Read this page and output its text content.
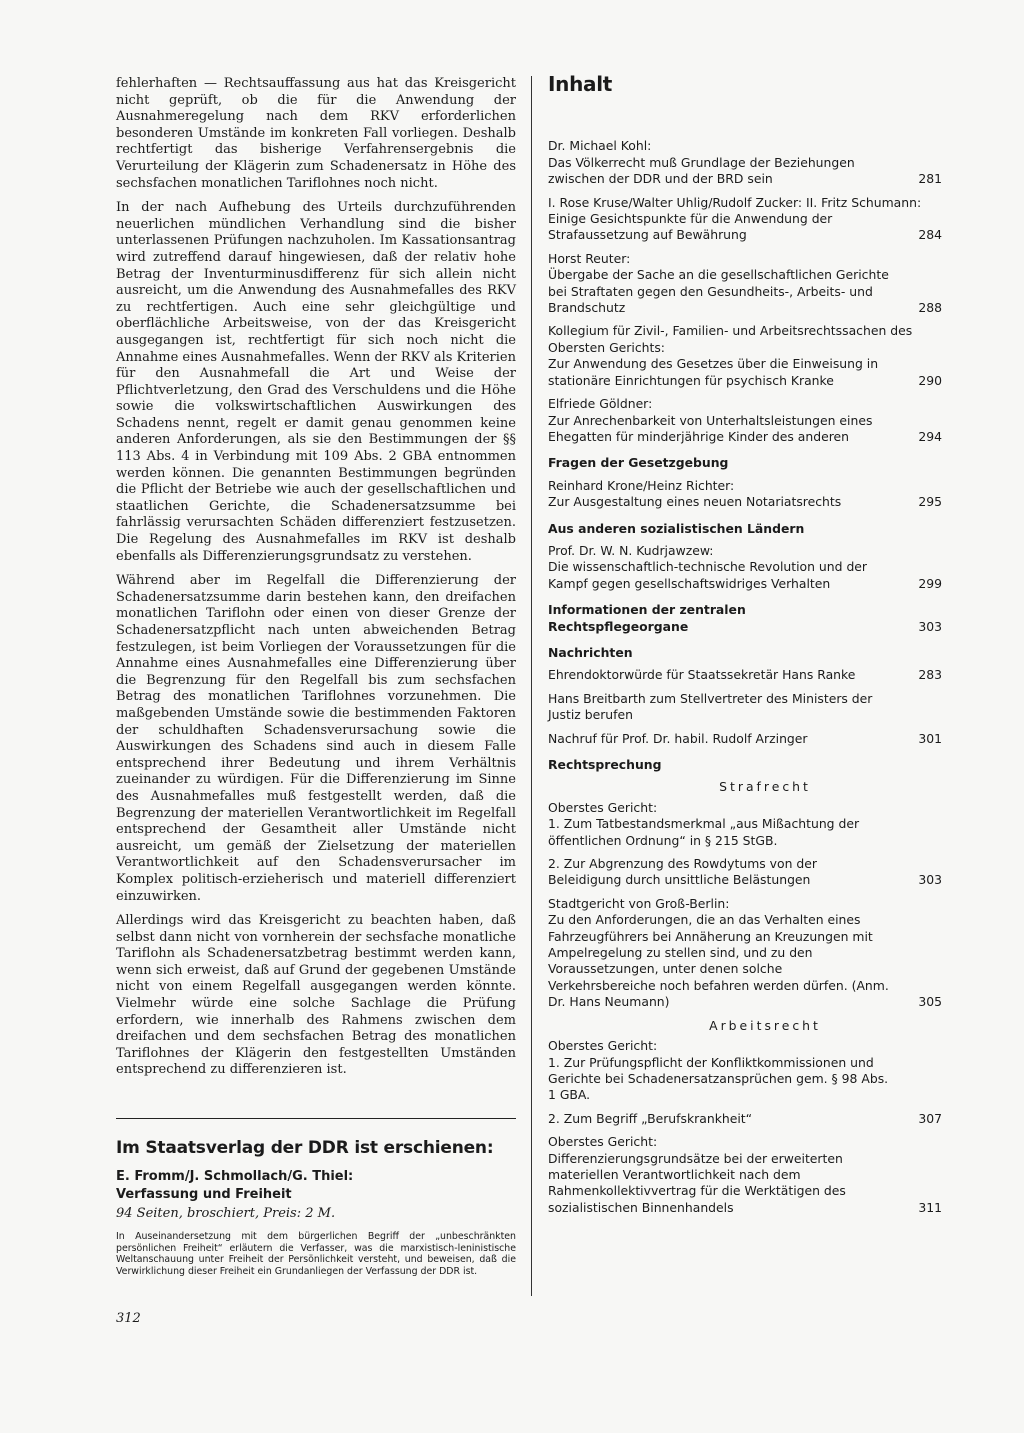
fehlerhaften — Rechtsauffassung aus hat das Kreisgericht nicht geprüft, ob die für die Anwendung der Ausnahmeregelung nach dem RKV erforderlichen besonderen Umstände im konkreten Fall vorliegen. Deshalb rechtfertigt das bisherige Verfahrensergebnis die Verurteilung der Klägerin zum Schadenersatz in Höhe des sechsfachen monatlichen Tariflohnes noch nicht.

In der nach Aufhebung des Urteils durchzuführenden neuerlichen mündlichen Verhandlung sind die bisher unterlassenen Prüfungen nachzuholen. Im Kassationsantrag wird zutreffend darauf hingewiesen, daß der relativ hohe Betrag der Inventurminusdifferenz für sich allein nicht ausreicht, um die Anwendung des Ausnahmefalles des RKV zu rechtfertigen. Auch eine sehr gleichgültige und oberflächliche Arbeitsweise, von der das Kreisgericht ausgegangen ist, rechtfertigt für sich noch nicht die Annahme eines Ausnahmefalles. Wenn der RKV als Kriterien für den Ausnahmefall die Art und Weise der Pflichtverletzung, den Grad des Verschuldens und die Höhe sowie die volkswirtschaftlichen Auswirkungen des Schadens nennt, regelt er damit genau genommen keine anderen Anforderungen, als sie den Bestimmungen der §§ 113 Abs. 4 in Verbindung mit 109 Abs. 2 GBA entnommen werden können. Die genannten Bestimmungen begründen die Pflicht der Betriebe wie auch der gesellschaftlichen und staatlichen Gerichte, die Schadenersatzsumme bei fahrlässig verursachten Schäden differenziert festzusetzen. Die Regelung des Ausnahmefalles im RKV ist deshalb ebenfalls als Differenzierungsgrundsatz zu verstehen.

Während aber im Regelfall die Differenzierung der Schadenersatzsumme darin bestehen kann, den dreifachen monatlichen Tariflohn oder einen von dieser Grenze der Schadenersatzpflicht nach unten abweichenden Betrag festzulegen, ist beim Vorliegen der Voraussetzungen für die Annahme eines Ausnahmefalles eine Differenzierung über die Begrenzung für den Regelfall bis zum sechsfachen Betrag des monatlichen Tariflohnes vorzunehmen. Die maßgebenden Umstände sowie die bestimmenden Faktoren der schuldhaften Schadensverursachung sowie die Auswirkungen des Schadens sind auch in diesem Falle entsprechend ihrer Bedeutung und ihrem Verhältnis zueinander zu würdigen. Für die Differenzierung im Sinne des Ausnahmefalles muß festgestellt werden, daß die Begrenzung der materiellen Verantwortlichkeit im Regelfall entsprechend der Gesamtheit aller Umstände nicht ausreicht, um gemäß der Zielsetzung der materiellen Verantwortlichkeit auf den Schadensverursacher im Komplex politisch-erzieherisch und materiell differenziert einzuwirken.

Allerdings wird das Kreisgericht zu beachten haben, daß selbst dann nicht von vornherein der sechsfache monatliche Tariflohn als Schadenersatzbetrag bestimmt werden kann, wenn sich erweist, daß auf Grund der gegebenen Umstände nicht von einem Regelfall ausgegangen werden könnte. Vielmehr würde eine solche Sachlage die Prüfung erfordern, wie innerhalb des Rahmens zwischen dem dreifachen und dem sechsfachen Betrag des monatlichen Tariflohnes der Klägerin den festgestellten Umständen entsprechend zu differenzieren ist.

Im Staatsverlag der DDR ist erschienen:
E. Fromm/J. Schmollach/G. Thiel:
Verfassung und Freiheit
94 Seiten, broschiert, Preis: 2 M.

In Auseinandersetzung mit dem bürgerlichen Begriff der „unbeschränkten persönlichen Freiheit“ erläutern die Verfasser, was die marxistisch-leninistische Weltanschauung unter Freiheit der Persönlichkeit versteht, und beweisen, daß die Verwirklichung dieser Freiheit ein Grundanliegen der Verfassung der DDR ist.

312
Inhalt
Dr. Michael Kohl:
Das Völkerrecht muß Grundlage der Beziehungen zwischen der DDR und der BRD sein	281
I. Rose Kruse/Walter Uhlig/Rudolf Zucker: II. Fritz Schumann:
Einige Gesichtspunkte für die Anwendung der Strafaussetzung auf Bewährung	284
Horst Reuter:
Übergabe der Sache an die gesellschaftlichen Gerichte bei Straftaten gegen den Gesundheits-, Arbeits- und Brandschutz	288
Kollegium für Zivil-, Familien- und Arbeitsrechtssachen des Obersten Gerichts:
Zur Anwendung des Gesetzes über die Einweisung in stationäre Einrichtungen für psychisch Kranke	290
Elfriede Göldner:
Zur Anrechenbarkeit von Unterhaltsleistungen eines Ehegatten für minderjährige Kinder des anderen	294
Fragen der Gesetzgebung
Reinhard Krone/Heinz Richter:
Zur Ausgestaltung eines neuen Notariatsrechts	295
Aus anderen sozialistischen Ländern
Prof. Dr. W. N. Kudrjawzew:
Die wissenschaftlich-technische Revolution und der Kampf gegen gesellschaftswidriges Verhalten	299
Informationen der zentralen Rechtspflegeorgane	303
Nachrichten
Ehrendoktorwürde für Staatssekretär Hans Ranke	283
Hans Breitbarth zum Stellvertreter des Ministers der Justiz berufen
Nachruf für Prof. Dr. habil. Rudolf Arzinger	301
Rechtsprechung
Strafrecht
Oberstes Gericht:
1. Zum Tatbestandsmerkmal „aus Mißachtung der öffentlichen Ordnung“ in § 215 StGB.
2. Zur Abgrenzung des Rowdytums von der Beleidigung durch unsittliche Belästungen	303
Stadtgericht von Groß-Berlin:
Zu den Anforderungen, die an das Verhalten eines Fahrzeugführers bei Annäherung an Kreuzungen mit Ampelregelung zu stellen sind, und zu den Voraussetzungen, unter denen solche Verkehrsbereiche noch befahren werden dürfen. (Anm. Dr. Hans Neumann)	305
Arbeitsrecht
Oberstes Gericht:
1. Zur Prüfungspflicht der Konfliktkommissionen und Gerichte bei Schadenersatzansprüchen gem. § 98 Abs. 1 GBA.
2. Zum Begriff „Berufskrankheit“	307
Oberstes Gericht:
Differenzierungsgrundsätze bei der erweiterten materiellen Verantwortlichkeit nach dem Rahmenkollektivvertrag für die Werktätigen des sozialistischen Binnenhandels	311
